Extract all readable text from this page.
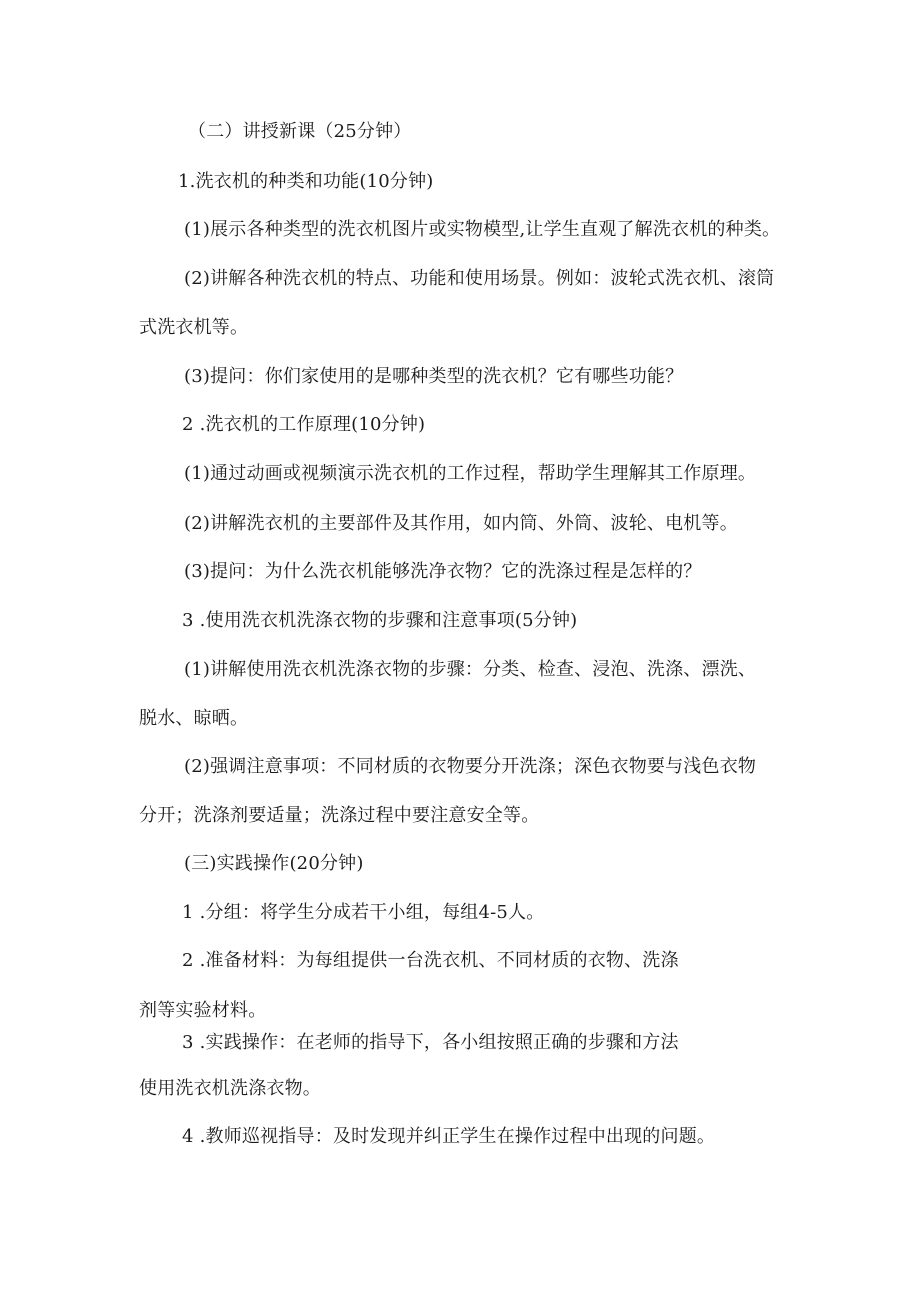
（二）讲授新课（25分钟）
1.洗衣机的种类和功能(10分钟)
(1)展示各种类型的洗衣机图片或实物模型,让学生直观了解洗衣机的种类。
(2)讲解各种洗衣机的特点、功能和使用场景。例如：波轮式洗衣机、滚筒
式洗衣机等。
(3)提问：你们家使用的是哪种类型的洗衣机？它有哪些功能？
2 .洗衣机的工作原理(10分钟)
(1)通过动画或视频演示洗衣机的工作过程，帮助学生理解其工作原理。
(2)讲解洗衣机的主要部件及其作用，如内筒、外筒、波轮、电机等。
(3)提问：为什么洗衣机能够洗净衣物？它的洗涤过程是怎样的？
3 .使用洗衣机洗涤衣物的步骤和注意事项(5分钟)
(1)讲解使用洗衣机洗涤衣物的步骤：分类、检查、浸泡、洗涤、漂洗、
脱水、晾晒。
(2)强调注意事项：不同材质的衣物要分开洗涤；深色衣物要与浅色衣物
分开；洗涤剂要适量；洗涤过程中要注意安全等。
(三)实践操作(20分钟)
1 .分组：将学生分成若干小组，每组4-5人。
2 .准备材料：为每组提供一台洗衣机、不同材质的衣物、洗涤
剂等实验材料。
3 .实践操作：在老师的指导下，各小组按照正确的步骤和方法
使用洗衣机洗涤衣物。
4 .教师巡视指导：及时发现并纠正学生在操作过程中出现的问题。
